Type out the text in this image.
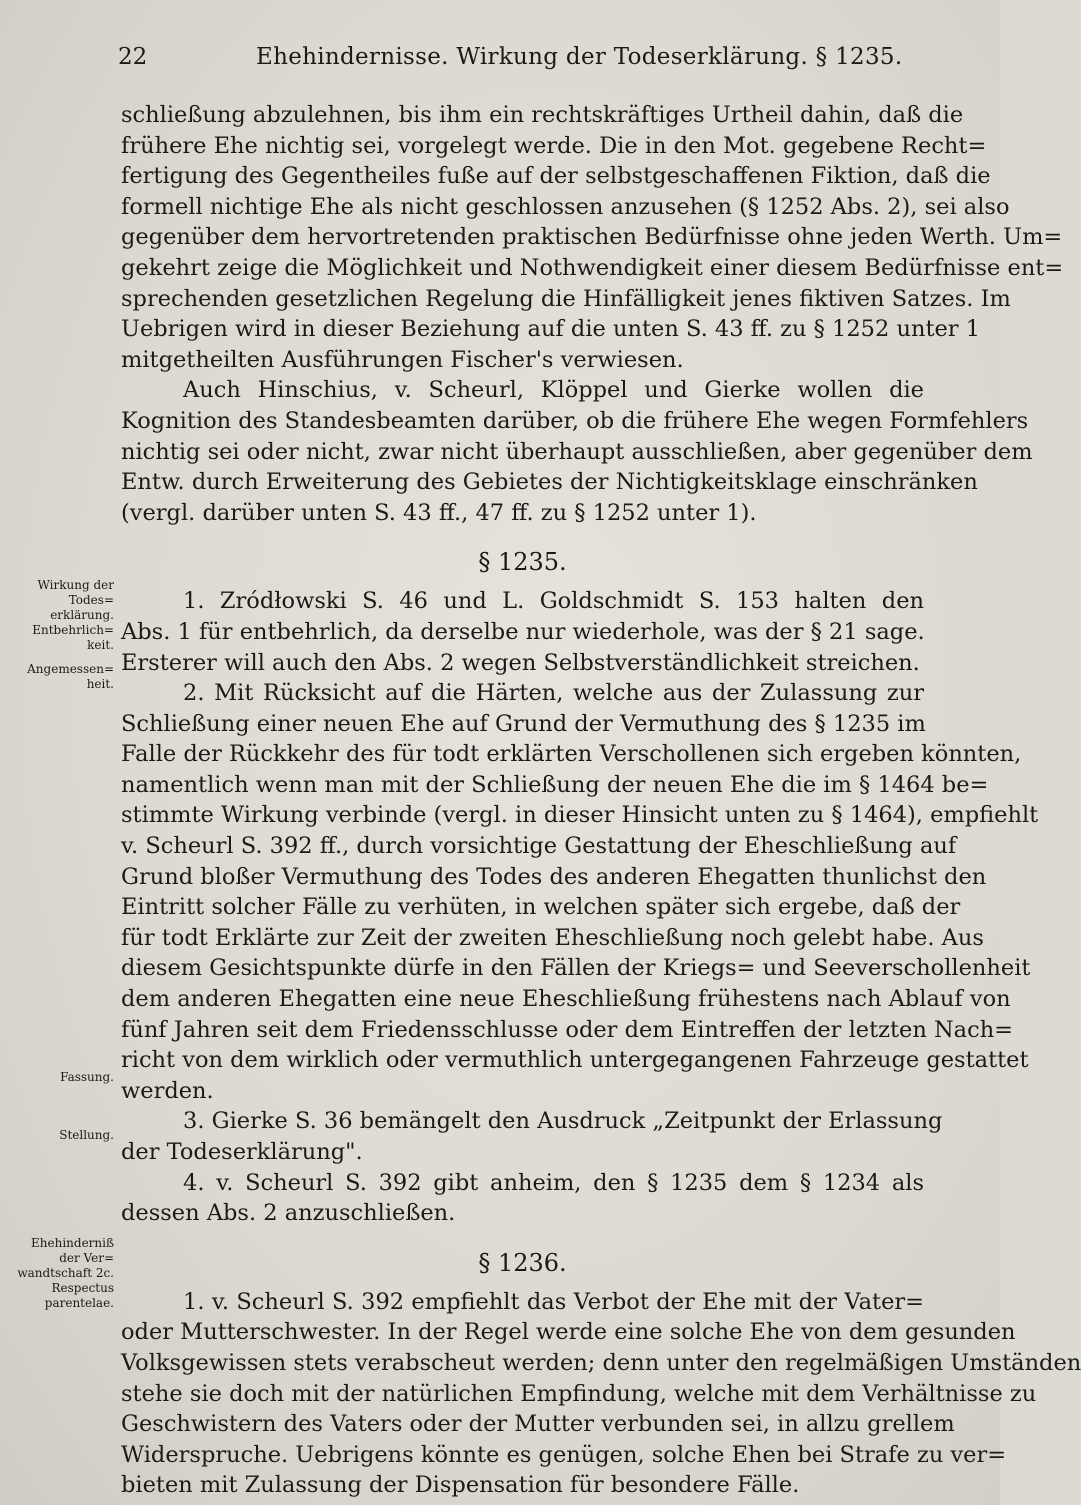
22	Ehehindernisse. Wirkung der Todeserklärung. § 1235.
Wirkung der
Todes=
erklärung.
Entbehrlich=
keit.
Angemessen=
heit.
Fassung.
Stellung.
Ehehinderniß
der Ver=
wandtschaft 2c.
Respectus
parentelae.
schließung abzulehnen, bis ihm ein rechtskräftiges Urtheil dahin, daß die
frühere Ehe nichtig sei, vorgelegt werde. Die in den Mot. gegebene Recht=
fertigung des Gegentheiles fuße auf der selbstgeschaffenen Fiktion, daß die
formell nichtige Ehe als nicht geschlossen anzusehen (§ 1252 Abs. 2), sei also
gegenüber dem hervortretenden praktischen Bedürfnisse ohne jeden Werth. Um=
gekehrt zeige die Möglichkeit und Nothwendigkeit einer diesem Bedürfnisse ent=
sprechenden gesetzlichen Regelung die Hinfälligkeit jenes fiktiven Satzes. Im
Uebrigen wird in dieser Beziehung auf die unten S. 43 ff. zu § 1252 unter 1
mitgetheilten Ausführungen Fischer's verwiesen.
Auch Hinschius, v. Scheurl, Klöppel und Gierke wollen die
Kognition des Standesbeamten darüber, ob die frühere Ehe wegen Formfehlers
nichtig sei oder nicht, zwar nicht überhaupt ausschließen, aber gegenüber dem
Entw. durch Erweiterung des Gebietes der Nichtigkeitsklage einschränken
(vergl. darüber unten S. 43 ff., 47 ff. zu § 1252 unter 1).
§ 1235.
1. Zródłowski S. 46 und L. Goldschmidt S. 153 halten den
Abs. 1 für entbehrlich, da derselbe nur wiederhole, was der § 21 sage.
Ersterer will auch den Abs. 2 wegen Selbstverständlichkeit streichen.
2. Mit Rücksicht auf die Härten, welche aus der Zulassung zur
Schließung einer neuen Ehe auf Grund der Vermuthung des § 1235 im
Falle der Rückkehr des für todt erklärten Verschollenen sich ergeben könnten,
namentlich wenn man mit der Schließung der neuen Ehe die im § 1464 be=
stimmte Wirkung verbinde (vergl. in dieser Hinsicht unten zu § 1464), empfiehlt
v. Scheurl S. 392 ff., durch vorsichtige Gestattung der Eheschließung auf
Grund bloßer Vermuthung des Todes des anderen Ehegatten thunlichst den
Eintritt solcher Fälle zu verhüten, in welchen später sich ergebe, daß der
für todt Erklärte zur Zeit der zweiten Eheschließung noch gelebt habe. Aus
diesem Gesichtspunkte dürfe in den Fällen der Kriegs= und Seeverschollenheit
dem anderen Ehegatten eine neue Eheschließung frühestens nach Ablauf von
fünf Jahren seit dem Friedensschlusse oder dem Eintreffen der letzten Nach=
richt von dem wirklich oder vermuthlich untergegangenen Fahrzeuge gestattet
werden.
3. Gierke S. 36 bemängelt den Ausdruck „Zeitpunkt der Erlassung
der Todeserklärung".
4. v. Scheurl S. 392 gibt anheim, den § 1235 dem § 1234 als
dessen Abs. 2 anzuschließen.
§ 1236.
1. v. Scheurl S. 392 empfiehlt das Verbot der Ehe mit der Vater=
oder Mutterschwester. In der Regel werde eine solche Ehe von dem gesunden
Volksgewissen stets verabscheut werden; denn unter den regelmäßigen Umständen
stehe sie doch mit der natürlichen Empfindung, welche mit dem Verhältnisse zu
Geschwistern des Vaters oder der Mutter verbunden sei, in allzu grellem
Widerspruche. Uebrigens könnte es genügen, solche Ehen bei Strafe zu ver=
bieten mit Zulassung der Dispensation für besondere Fälle.
